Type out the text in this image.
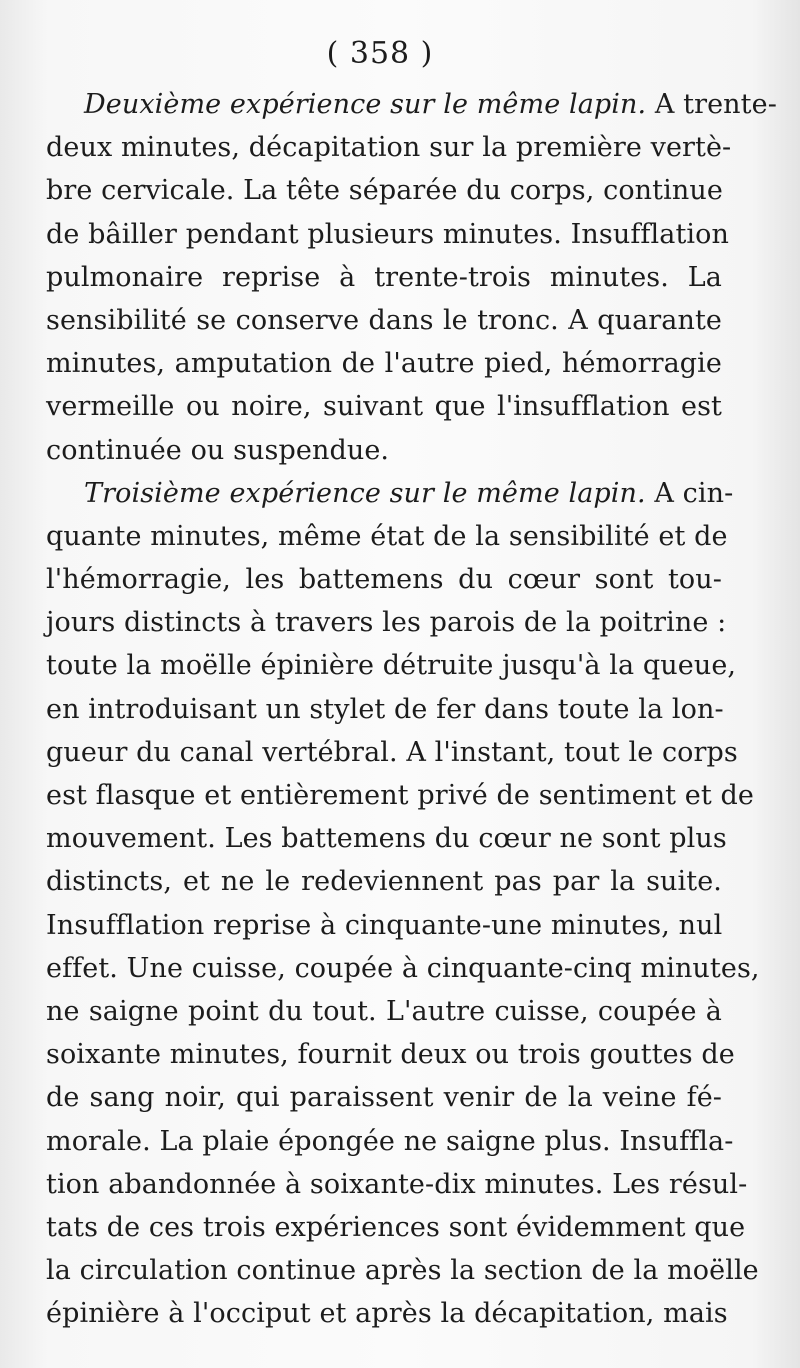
( 358 )
Deuxième expérience sur le même lapin. A trente-
deux minutes, décapitation sur la première vertè-
bre cervicale. La tête séparée du corps, continue
de bâiller pendant plusieurs minutes. Insufflation
pulmonaire reprise à trente-trois minutes. La
sensibilité se conserve dans le tronc. A quarante
minutes, amputation de l'autre pied, hémorragie
vermeille ou noire, suivant que l'insufflation est
continuée ou suspendue.
Troisième expérience sur le même lapin. A cin-
quante minutes, même état de la sensibilité et de
l'hémorragie, les battemens du cœur sont tou-
jours distincts à travers les parois de la poitrine :
toute la moëlle épinière détruite jusqu'à la queue,
en introduisant un stylet de fer dans toute la lon-
gueur du canal vertébral. A l'instant, tout le corps
est flasque et entièrement privé de sentiment et de
mouvement. Les battemens du cœur ne sont plus
distincts, et ne le redeviennent pas par la suite.
Insufflation reprise à cinquante-une minutes, nul
effet. Une cuisse, coupée à cinquante-cinq minutes,
ne saigne point du tout. L'autre cuisse, coupée à
soixante minutes, fournit deux ou trois gouttes de
de sang noir, qui paraissent venir de la veine fé-
morale. La plaie épongée ne saigne plus. Insuffla-
tion abandonnée à soixante-dix minutes. Les résul-
tats de ces trois expériences sont évidemment que
la circulation continue après la section de la moëlle
épinière à l'occiput et après la décapitation, mais
